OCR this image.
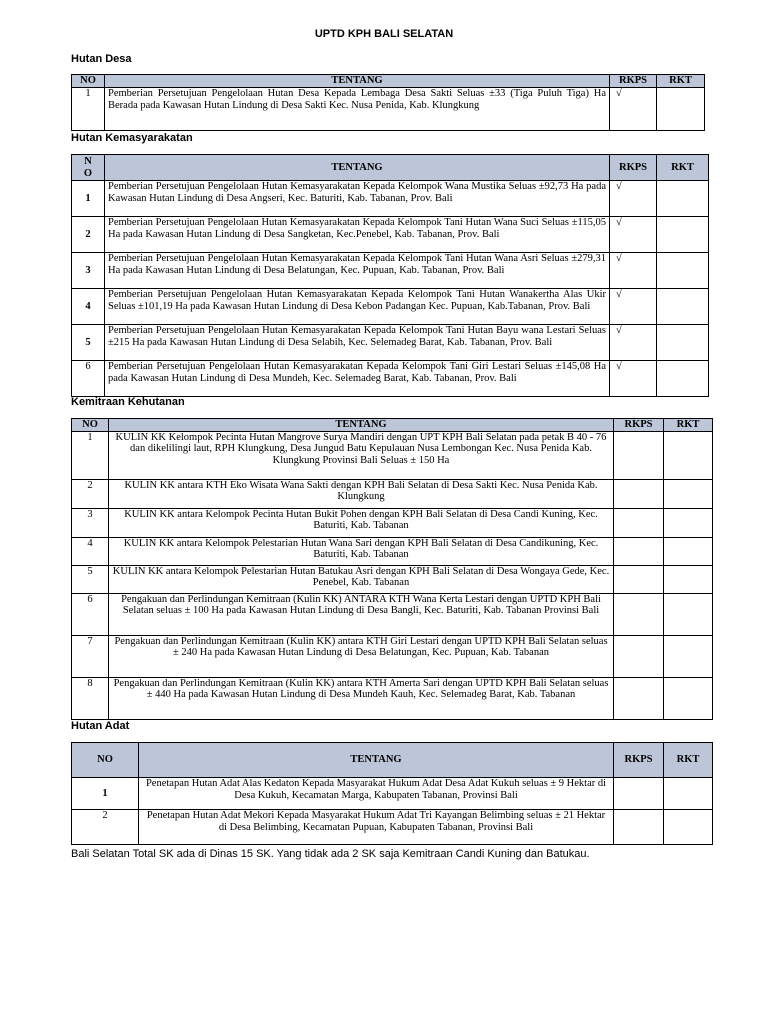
UPTD KPH BALI SELATAN
Hutan Desa
NO	TENTANG	RKPS	RKT
1	Pemberian Persetujuan Pengelolaan Hutan Desa Kepada Lembaga Desa Sakti Seluas ±33 (Tiga Puluh Tiga) Ha Berada pada Kawasan Hutan Lindung di Desa Sakti Kec. Nusa Penida, Kab. Klungkung	√	
Hutan Kemasyarakatan
N O	TENTANG	RKPS	RKT
1	Pemberian Persetujuan Pengelolaan Hutan Kemasyarakatan Kepada Kelompok Wana Mustika Seluas ±92,73 Ha pada Kawasan Hutan Lindung di Desa Angseri, Kec. Baturiti, Kab. Tabanan, Prov. Bali	√	
2	Pemberian Persetujuan Pengelolaan Hutan Kemasyarakatan Kepada Kelompok Tani Hutan Wana Suci Seluas ±115,05 Ha pada Kawasan Hutan Lindung di Desa Sangketan, Kec.Penebel, Kab. Tabanan, Prov. Bali	√	
3	Pemberian Persetujuan Pengelolaan Hutan Kemasyarakatan Kepada Kelompok Tani Hutan Wana Asri Seluas ±279,31 Ha pada Kawasan Hutan Lindung di Desa Belatungan, Kec. Pupuan, Kab. Tabanan, Prov. Bali	√	
4	Pemberian Persetujuan Pengelolaan Hutan Kemasyarakatan Kepada Kelompok Tani Hutan Wanakertha Alas Ukir Seluas ±101,19 Ha pada Kawasan Hutan Lindung di Desa Kebon Padangan Kec. Pupuan, Kab.Tabanan, Prov. Bali	√	
5	Pemberian Persetujuan Pengelolaan Hutan Kemasyarakatan Kepada Kelompok Tani Hutan Bayu wana Lestari Seluas ±215 Ha pada Kawasan Hutan Lindung di Desa Selabih, Kec. Selemadeg Barat, Kab. Tabanan, Prov. Bali	√	
6	Pemberian Persetujuan Pengelolaan Hutan Kemasyarakatan Kepada Kelompok Tani Giri Lestari Seluas ±145,08 Ha pada Kawasan Hutan Lindung di Desa Mundeh, Kec. Selemadeg Barat, Kab. Tabanan, Prov. Bali	√	
Kemitraan Kehutanan
NO	TENTANG	RKPS	RKT
1	KULIN KK Kelompok Pecinta Hutan Mangrove Surya Mandiri dengan UPT KPH Bali Selatan pada petak B 40 - 76 dan dikelilingi laut, RPH Klungkung, Desa Jungud Batu Kepulauan Nusa Lembongan Kec. Nusa Penida Kab. Klungkung Provinsi Bali Seluas ± 150 Ha		
2	KULIN KK antara KTH Eko Wisata Wana Sakti dengan KPH Bali Selatan di Desa Sakti Kec. Nusa Penida Kab. Klungkung		
3	KULIN KK antara Kelompok Pecinta Hutan Bukit Pohen dengan KPH Bali Selatan di Desa Candi Kuning, Kec. Baturiti, Kab. Tabanan		
4	KULIN KK antara Kelompok Pelestarian Hutan Wana Sari dengan KPH Bali Selatan di Desa Candikuning, Kec. Baturiti, Kab. Tabanan		
5	KULIN KK antara Kelompok Pelestarian Hutan Batukau Asri dengan KPH Bali Selatan di Desa Wongaya Gede, Kec. Penebel, Kab. Tabanan		
6	Pengakuan dan Perlindungan Kemitraan (Kulin KK) ANTARA KTH Wana Kerta Lestari dengan UPTD KPH Bali Selatan seluas ± 100 Ha pada Kawasan Hutan Lindung di Desa Bangli, Kec. Baturiti, Kab. Tabanan Provinsi Bali		
7	Pengakuan dan Perlindungan Kemitraan (Kulin KK) antara KTH Giri Lestari dengan UPTD KPH Bali Selatan seluas ± 240 Ha pada Kawasan Hutan Lindung di Desa Belatungan, Kec. Pupuan, Kab. Tabanan		
8	Pengakuan dan Perlindungan Kemitraan (Kulin KK) antara KTH Amerta Sari dengan UPTD KPH Bali Selatan seluas ± 440 Ha pada Kawasan Hutan Lindung di Desa Mundeh Kauh, Kec. Selemadeg Barat, Kab. Tabanan		
Hutan Adat
NO	TENTANG	RKPS	RKT
1	Penetapan Hutan Adat Alas Kedaton Kepada Masyarakat Hukum Adat Desa Adat Kukuh seluas ± 9 Hektar di Desa Kukuh, Kecamatan Marga, Kabupaten Tabanan, Provinsi Bali		
2	Penetapan Hutan Adat Mekori Kepada Masyarakat Hukum Adat Tri Kayangan Belimbing seluas ± 21 Hektar di Desa Belimbing, Kecamatan Pupuan, Kabupaten Tabanan, Provinsi Bali		
Bali Selatan Total SK ada di Dinas 15 SK. Yang tidak ada 2 SK saja Kemitraan Candi Kuning dan Batukau.
